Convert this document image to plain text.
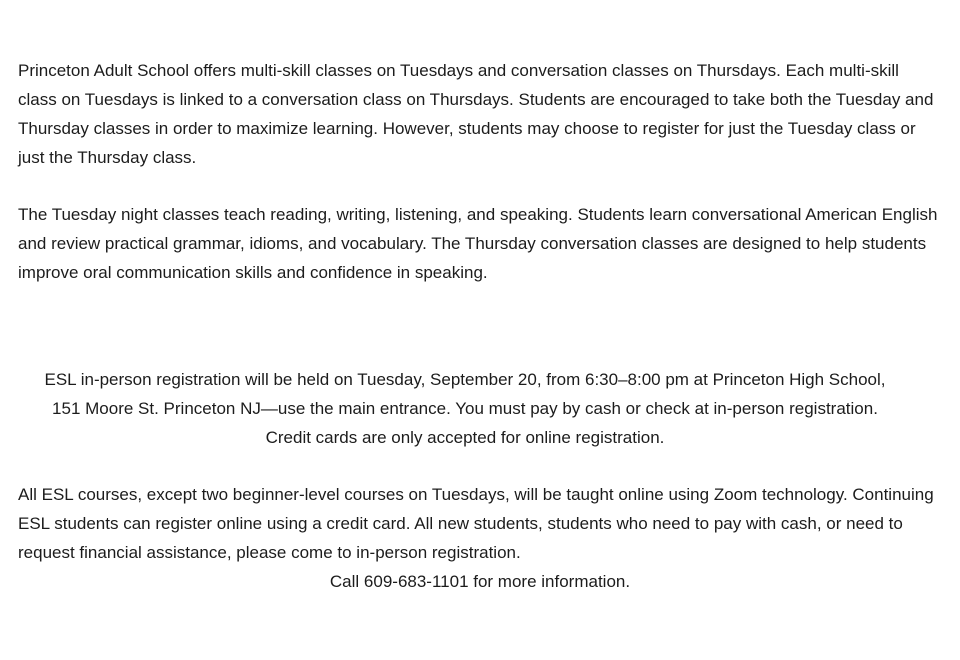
Princeton Adult School offers multi-skill classes on Tuesdays and conversation classes on Thursdays. Each multi-skill class on Tuesdays is linked to a conversation class on Thursdays. Students are encouraged to take both the Tuesday and Thursday classes in order to maximize learning. However, students may choose to register for just the Tuesday class or just the Thursday class.

The Tuesday night classes teach reading, writing, listening, and speaking. Students learn conversational American English and review practical grammar, idioms, and vocabulary. The Thursday conversation classes are designed to help students improve oral communication skills and confidence in speaking.

ESL in-person registration will be held on Tuesday, September 20, from 6:30–8:00 pm at Princeton High School, 151 Moore St. Princeton NJ—use the main entrance. You must pay by cash or check at in-person registration. Credit cards are only accepted for online registration.

All ESL courses, except two beginner-level courses on Tuesdays, will be taught online using Zoom technology. Continuing ESL students can register online using a credit card. All new students, students who need to pay with cash, or need to request financial assistance, please come to in-person registration.

Call 609-683-1101 for more information.
